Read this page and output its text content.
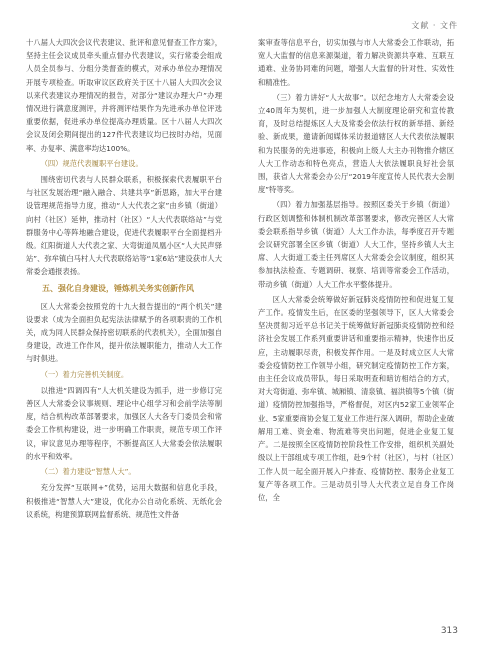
文献 · 文件

十八届人大四次会议代表建议、批评和意见督查工作方案》，坚持主任会议成员牵头重点督办代表建议，实行常委会组成人员全员参与、分组分类督查的模式，对承办单位办理情况开展专项检查。听取审议区政府关于区十八届人大四次会议以来代表建议办理情况的报告，对部分“建议办理大户”办理情况进行满意度测评，并将测评结果作为先进承办单位评选重要依据，促进承办单位提高办理质量。区十八届人大四次会议及闭会期间提出的127件代表建议均已按时办结，见面率、办复率、满意率均达100%。

（四）规范代表履职平台建设。

围绕密切代表与人民群众联系，积极探索代表履职平台与社区发展治理“融入融合、共建共享”新思路，加大平台建设管理规范指导力度，推动“人大代表之家”由乡镇（街道）向村（社区）延伸，推动村（社区）“人大代表联络站”与党群服务中心等阵地融合建设，促进代表履职平台全面提档升级。红阳街道人大代表之家、大弯街道凤凰小区“人大民声驿站”、弥牟镇白马村人大代表联络站等“1家6站”建设获市人大常委会通报表扬。

五、强化自身建设，锤炼机关务实创新作风

区人大常委会按照党的十九大报告提出的“两个机关”建设要求（成为全面担负起宪法法律赋予的各项职责的工作机关，成为同人民群众保持密切联系的代表机关），全面加强自身建设，改进工作作风，提升依法履职能力，推动人大工作与时俱进。

（一）着力完善机关制度。

以推进“四调四有”人大机关建设为抓手，进一步修订完善区人大常委会议事规则、理论中心组学习和会前学法等制度，结合机构改革部署要求，加强区人大各专门委员会和常委会工作机构建设，进一步明确工作职责，规范专项工作评议，审议意见办理等程序，不断提高区人大常委会依法履职的水平和效率。

（二）着力建设“智慧人大”。

充分发挥“互联网+”优势，运用大数据和信息化手段，积极推进“智慧人大”建设，优化办公自动化系统、无纸化会议系统，构建预算联网监督系统、规范性文件备

案审查等信息平台，切实加强与市人大常委会工作联动，拓宽人大监督的信息来源渠道，着力解决资源共享难、互联互通难、业务协同难的问题，增强人大监督的针对性、实效性和精准性。

（三）着力讲好“人大故事”。以纪念地方人大常委会设立40周年为契机，进一步加强人大制度理论研究和宣传教育，及时总结提炼区人大及常委会依法行权的新举措、新经验、新成果，邀请新闻媒体采访报道辖区人大代表依法履职和为民服务的先进事迹，积极向上级人大主办刊物推介辖区人大工作动态和特色亮点，营造人大依法履职良好社会氛围，获省人大常委会办公厅“2019年度宣传人民代表大会制度”特等奖。

（四）着力加强基层指导。按照区委关于乡镇（街道）行政区划调整和体制机制改革部署要求，修改完善区人大常委会联系指导乡镇（街道）人大工作办法，每季度召开专题会议研究部署全区乡镇（街道）人大工作，坚持乡镇人大主席、人大街道工委主任列席区人大常委会会议制度，组织其参加执法检查、专题调研、视察、培训等常委会工作活动，带动乡镇（街道）人大工作水平整体提升。

区人大常委会统筹做好新冠肺炎疫情防控和促进复工复产工作。疫情发生后，在区委的坚强领导下，区人大常委会坚决贯彻习近平总书记关于统筹做好新冠肺炎疫情防控和经济社会发展工作系列重要讲话和重要指示精神，快速作出反应，主动履职尽责，积极发挥作用。一是及时成立区人大常委会疫情防控工作领导小组，研究制定疫情防控工作方案，由主任会议成员带队，每日采取明查和暗访相结合的方式，对大弯街道、弥牟镇、城厢镇、清泉镇、福洪镇等5个镇（街道）疫情防控加强指导，严格督促，对区内52家工业领军企业、5家重要商协会复工复业工作进行深入调研，帮助企业破解用工难、资金难、物流难等突出问题，促进企业复工复产。二是按照全区疫情防控阶段性工作安排，组织机关副处级以上干部组成专项工作组，赴9个村（社区），与村（社区）工作人员一起全面开展入户排查、疫情防控、服务企业复工复产等各项工作。三是动员引导人大代表立足自身工作岗位，全

313
